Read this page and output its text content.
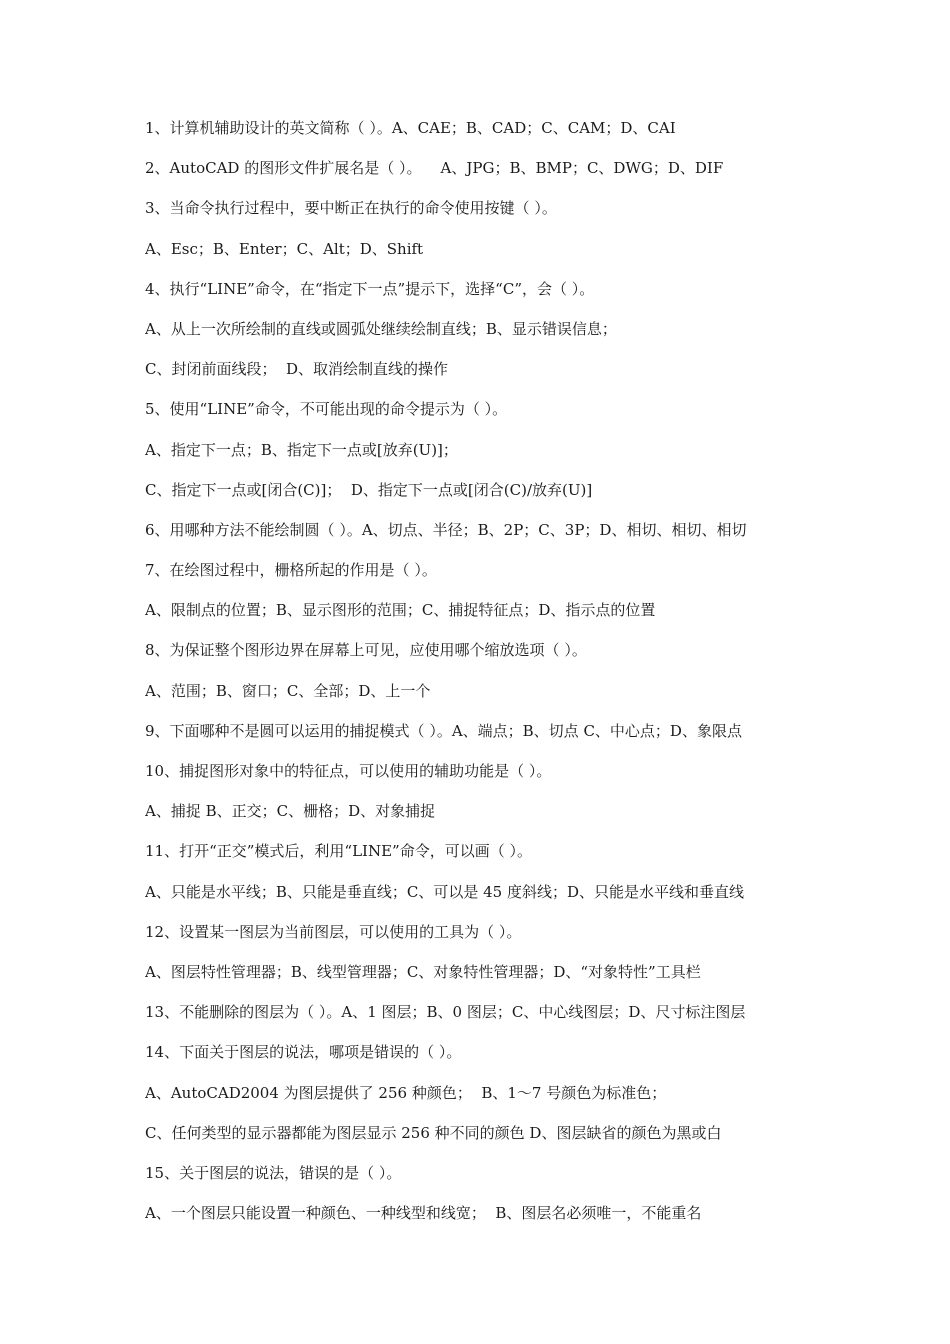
1、计算机辅助设计的英文简称（ ）。A、CAE；B、CAD；C、CAM；D、CAI
2、AutoCAD 的图形文件扩展名是（ ）。    A、JPG；B、BMP；C、DWG；D、DIF
3、当命令执行过程中，要中断正在执行的命令使用按键（ ）。
A、Esc；B、Enter；C、Alt；D、Shift
4、执行“LINE”命令，在“指定下一点”提示下，选择“C”，会（ ）。
A、从上一次所绘制的直线或圆弧处继续绘制直线；B、显示错误信息；
C、封闭前面线段；  D、取消绘制直线的操作
5、使用“LINE”命令，不可能出现的命令提示为（ ）。
A、指定下一点；B、指定下一点或[放弃(U)]；
C、指定下一点或[闭合(C)]；  D、指定下一点或[闭合(C)/放弃(U)]
6、用哪种方法不能绘制圆（ ）。A、切点、半径；B、2P；C、3P；D、相切、相切、相切
7、在绘图过程中，栅格所起的作用是（ ）。
A、限制点的位置；B、显示图形的范围；C、捕捉特征点；D、指示点的位置
8、为保证整个图形边界在屏幕上可见，应使用哪个缩放选项（ ）。
A、范围；B、窗口；C、全部；D、上一个
9、下面哪种不是圆可以运用的捕捉模式（ ）。A、端点；B、切点 C、中心点；D、象限点
10、捕捉图形对象中的特征点，可以使用的辅助功能是（ ）。
A、捕捉 B、正交；C、栅格；D、对象捕捉
11、打开“正交”模式后，利用“LINE”命令，可以画（ ）。
A、只能是水平线；B、只能是垂直线；C、可以是 45 度斜线；D、只能是水平线和垂直线
12、设置某一图层为当前图层，可以使用的工具为（ ）。
A、图层特性管理器；B、线型管理器；C、对象特性管理器；D、“对象特性”工具栏
13、不能删除的图层为（ ）。A、1 图层；B、0 图层；C、中心线图层；D、尺寸标注图层
14、下面关于图层的说法，哪项是错误的（ ）。
A、AutoCAD2004 为图层提供了 256 种颜色；  B、1～7 号颜色为标准色；
C、任何类型的显示器都能为图层显示 256 种不同的颜色 D、图层缺省的颜色为黑或白
15、关于图层的说法，错误的是（ ）。
A、一个图层只能设置一种颜色、一种线型和线宽；  B、图层名必须唯一，不能重名
